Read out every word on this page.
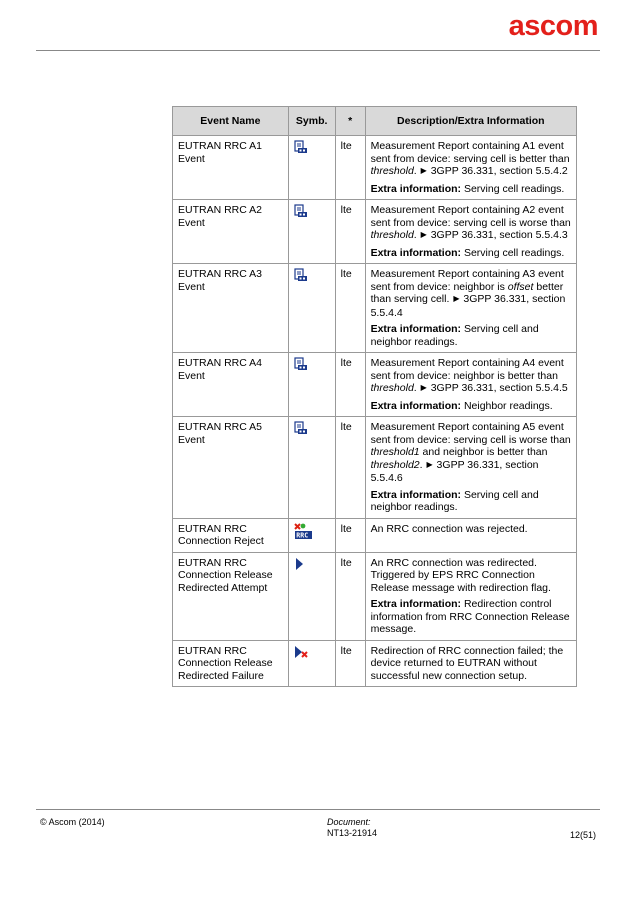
ascom
Event Name	Symb.	*	Description/Extra Information
EUTRAN RRC A1 Event		lte	Measurement Report containing A1 event sent from device: serving cell is better than threshold. ▶ 3GPP 36.331, section 5.5.4.2

Extra information: Serving cell readings.

EUTRAN RRC A2 Event		lte	Measurement Report containing A2 event sent from device: serving cell is worse than threshold. ▶ 3GPP 36.331, section 5.5.4.3

Extra information: Serving cell readings.

EUTRAN RRC A3 Event		lte	Measurement Report containing A3 event sent from device: neighbor is offset better than serving cell. ▶ 3GPP 36.331, section 5.5.4.4

Extra information: Serving cell and neighbor readings.

EUTRAN RRC A4 Event		lte	Measurement Report containing A4 event sent from device: neighbor is better than threshold. ▶ 3GPP 36.331, section 5.5.4.5

Extra information: Neighbor readings.

EUTRAN RRC A5 Event		lte	Measurement Report containing A5 event sent from device: serving cell is worse than threshold1 and neighbor is better than threshold2. ▶ 3GPP 36.331, section 5.5.4.6

Extra information: Serving cell and neighbor readings.

EUTRAN RRC Connection Reject	RRC	lte	An RRC connection was rejected.

EUTRAN RRC Connection Release Redirected Attempt		lte	An RRC connection was redirected. Triggered by EPS RRC Connection Release message with redirection flag.

Extra information: Redirection control information from RRC Connection Release message.

EUTRAN RRC Connection Release Redirected Failure		lte	Redirection of RRC connection failed; the device returned to EUTRAN without successful new connection setup.

© Ascom (2014)	Document:
NT13-21914	12(51)
